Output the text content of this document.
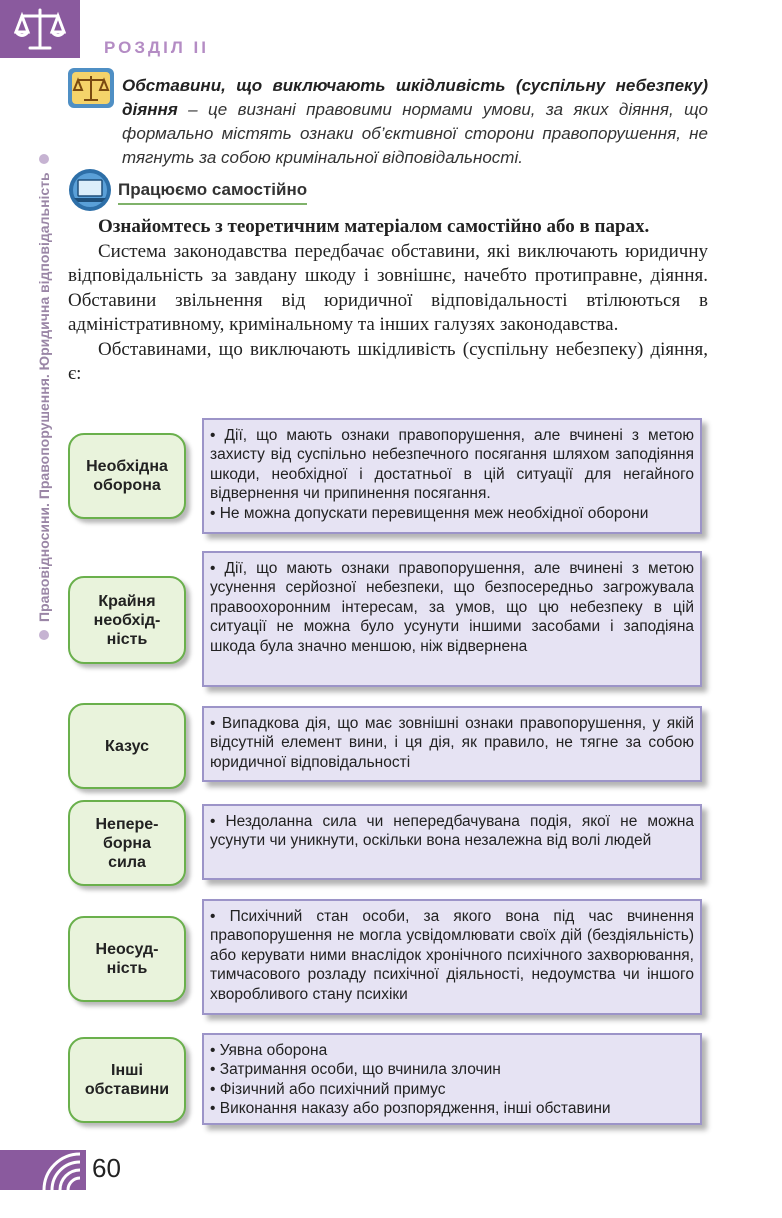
РОЗДІЛ ІІ
Правовідносини. Правопорушення. Юридична відповідальність
Обставини, що виключають шкідливість (суспільну небезпеку) діяння – це визнані правовими нормами умови, за яких діяння, що формально містять ознаки об’єктивної сторони правопорушення, не тягнуть за собою кримінальної відповідальності.
Працюємо самостійно

Ознайомтесь з теоретичним матеріалом самостійно або в парах.

Система законодавства передбачає обставини, які виключають юридичну відповідальність за завдану шкоду і зовнішнє, начебто протиправне, діяння. Обставини звільнення від юридичної відповідальності втілюються в адміністративному, кримінальному та інших галузях законодавства.

Обставинами, що виключають шкідливість (суспільну небезпеку) діяння, є:

Необхідна
оборона
• Дії, що мають ознаки правопорушення, але вчинені з метою захисту від суспільно небезпечного посягання шляхом заподіяння шкоди, необхідної і достатньої в цій ситуації для негайного відвернення чи припинення посягання.
• Не можна допускати перевищення меж необхідної оборони
Крайня
необхід-
ність
• Дії, що мають ознаки правопорушення, але вчинені з метою усунення серйозної небезпеки, що безпосередньо загрожувала правоохоронним інтересам, за умов, що цю небезпеку в цій ситуації не можна було усунути іншими засобами і заподіяна шкода була значно меншою, ніж відвернена
Казус
• Випадкова дія, що має зовнішні ознаки правопорушення, у якій відсутній елемент вини, і ця дія, як правило, не тягне за собою юридичної відповідальності
Непере-
борна
сила
• Нездоланна сила чи непередбачувана подія, якої не можна усунути чи уникнути, оскільки вона незалежна від волі людей
Неосуд-
ність
• Психічний стан особи, за якого вона під час вчинення правопорушення не могла усвідомлювати своїх дій (бездіяльність) або керувати ними внаслідок хронічного психічного захворювання, тимчасового розладу психічної діяльності, недоумства чи іншого хворобливого стану психіки
Інші
обставини
• Уявна оборона
• Затримання особи, що вчинила злочин
• Фізичний або психічний примус
• Виконання наказу або розпорядження, інші обставини
60
